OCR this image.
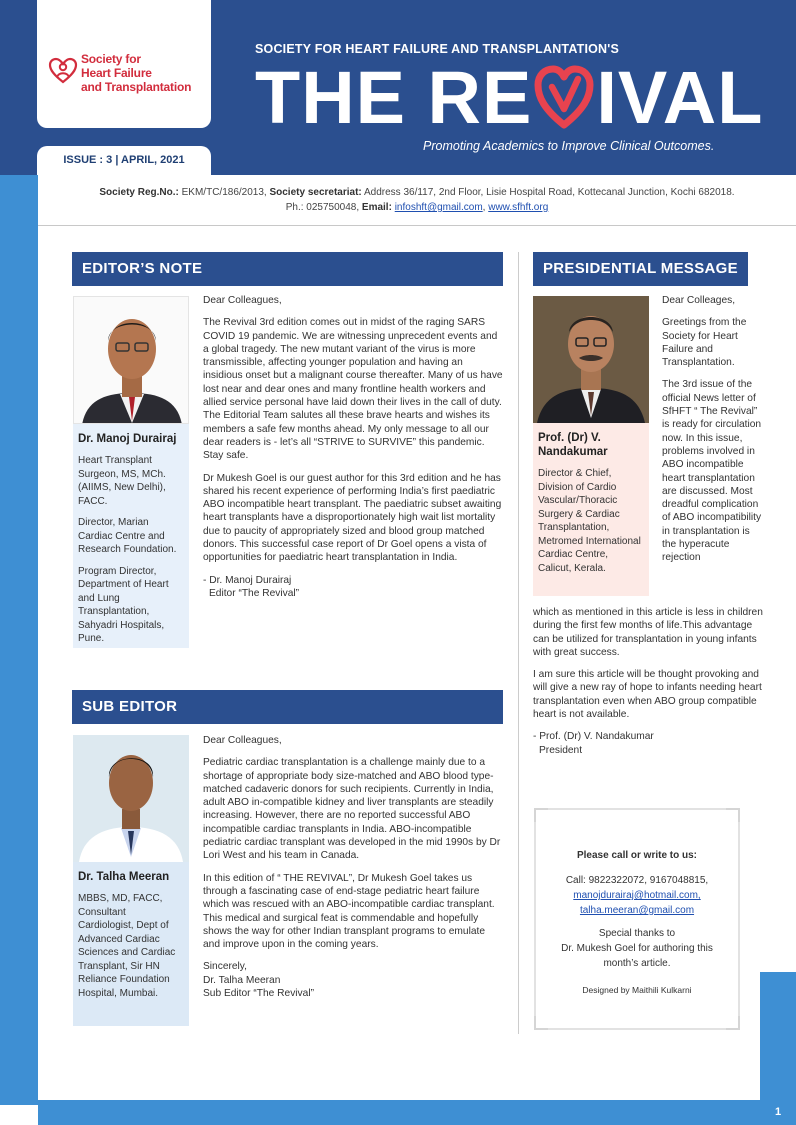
1
Society for
Heart Failure
and Transplantation
ISSUE : 3 | APRIL, 2021
SOCIETY FOR HEART FAILURE AND TRANSPLANTATION'S
THE RE IVAL
Promoting Academics to Improve Clinical Outcomes.
Society Reg.No.: EKM/TC/186/2013, Society secretariat: Address 36/117, 2nd Floor, Lisie Hospital Road, Kottecanal Junction, Kochi 682018.
Ph.: 025750048, Email: infoshft@gmail.com, www.sfhft.org
EDITOR’S NOTE
Dr. Manoj Durairaj

Heart Transplant Surgeon, MS, MCh. (AIIMS, New Delhi), FACC.

Director, Marian Cardiac Centre and Research Foundation.

Program Director, Department of Heart and Lung Transplantation, Sahyadri Hospitals, Pune.

Dear Colleagues,

The Revival 3rd edition comes out in midst of the raging SARS COVID 19 pandemic. We are witnessing unprecedent events and a global tragedy. The new mutant variant of the virus is more transmissible, affecting younger population and having an insidious onset but a malignant course thereafter. Many of us have lost near and dear ones and many frontline health workers and allied service personal have laid down their lives in the call of duty. The Editorial Team salutes all these brave hearts and wishes its members a safe few months ahead. My only message to all our dear readers is - let’s all “STRIVE to SURVIVE” this pandemic. Stay safe.

Dr Mukesh Goel is our guest author for this 3rd edition and he has shared his recent experience of performing India’s first paediatric ABO incompatible heart transplant. The paediatric subset awaiting heart transplants have a disproportionately high wait list mortality due to paucity of appropriately sized and blood group matched donors. This successful case report of Dr Goel opens a vista of opportunities for paediatric heart transplantation in India.

- Dr. Manoj Durairaj
Editor “The Revival”
SUB EDITOR
Dr. Talha Meeran

MBBS, MD, FACC, Consultant Cardiologist, Dept of Advanced Cardiac Sciences and Cardiac Transplant, Sir HN Reliance Foundation Hospital, Mumbai.

Dear Colleagues,

Pediatric cardiac transplantation is a challenge mainly due to a shortage of appropriate body size-matched and ABO blood type-matched cadaveric donors for such recipients. Currently in India, adult ABO in-compatible kidney and liver transplants are steadily increasing. However, there are no reported successful ABO incompatible cardiac transplants in India. ABO-incompatible pediatric cardiac transplant was developed in the mid 1990s by Dr Lori West and his team in Canada.

In this edition of “ THE REVIVAL”, Dr Mukesh Goel takes us through a fascinating case of end-stage pediatric heart failure which was rescued with an ABO-incompatible cardiac transplant. This medical and surgical feat is commendable and hopefully shows the way for other Indian transplant programs to emulate and improve upon in the coming years.

Sincerely,
Dr. Talha Meeran
Sub Editor “The Revival”
PRESIDENTIAL MESSAGE
Prof. (Dr) V. Nandakumar

Director & Chief, Division of Cardio Vascular/Thoracic Surgery & Cardiac Transplantation, Metromed International Cardiac Centre, Calicut, Kerala.

Dear Colleages,

Greetings from the Society for Heart Failure and Transplantation.

The 3rd issue of the official News letter of SfHFT “ The Revival” is ready for circulation now. In this issue, problems involved in ABO incompatible heart transplantation are discussed. Most dreadful complication of ABO incompatibility in transplantation is the hyperacute rejection

which as mentioned in this article is less in children during the first few months of life.This advantage can be utilized for transplantation in young infants with great success.

I am sure this article will be thought provoking and will give a new ray of hope to infants needing heart transplantation even when ABO group compatible heart is not available.

- Prof. (Dr) V. Nandakumar
President
Please call or write to us:
Call: 9822322072, 9167048815,
manojdurairaj@hotmail.com,
talha.meeran@gmail.com
Special thanks to
Dr. Mukesh Goel for authoring this
month’s article.
Designed by Maithili Kulkarni
